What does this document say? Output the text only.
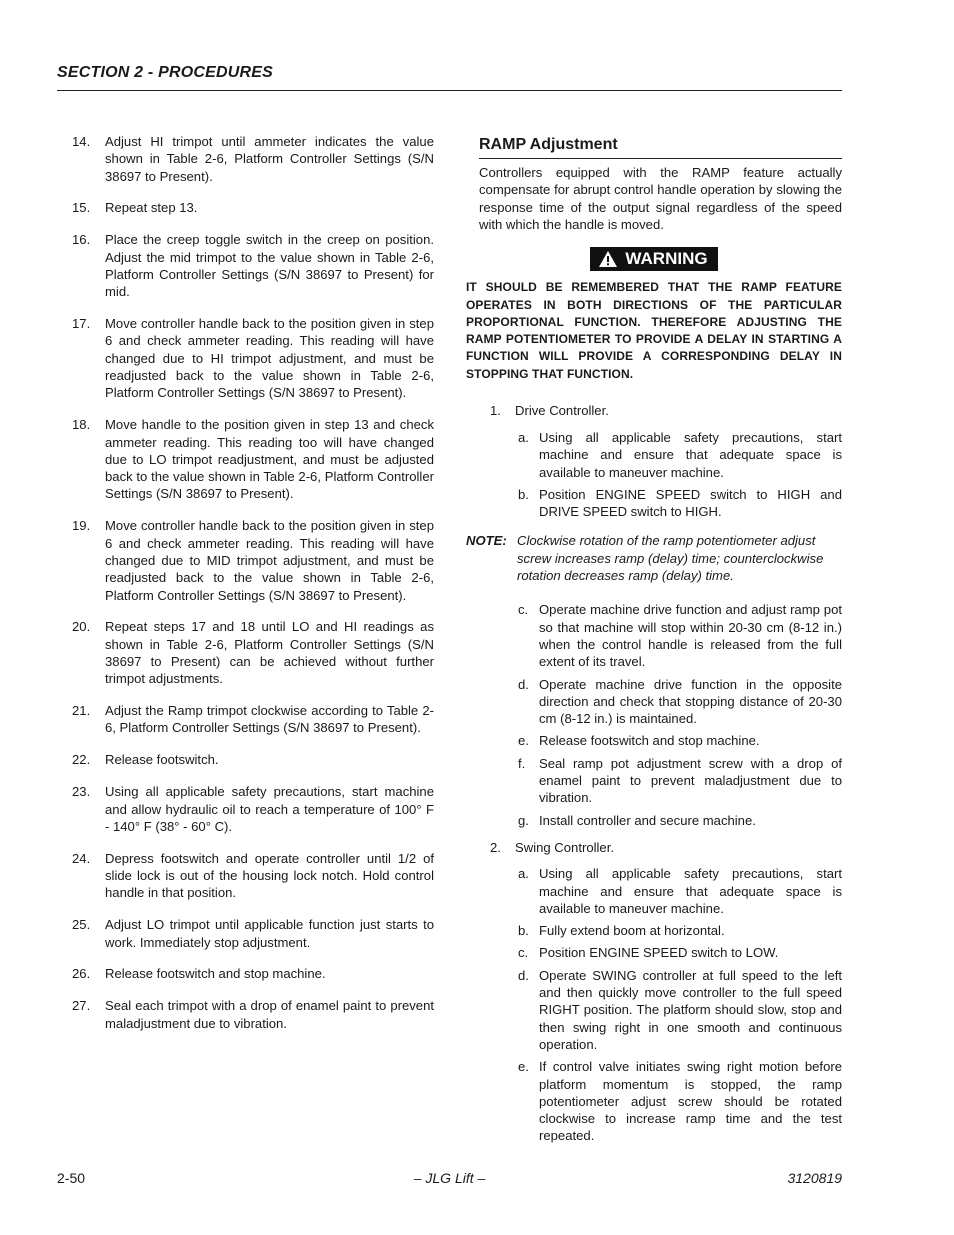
SECTION 2 - PROCEDURES
14.	Adjust HI trimpot until ammeter indicates the value shown in Table 2-6, Platform Controller Settings (S/N 38697 to Present).
15.	Repeat step 13.
16.	Place the creep toggle switch in the creep on position. Adjust the mid trimpot to the value shown in Table 2-6, Platform Controller Settings (S/N 38697 to Present) for mid.
17.	Move controller handle back to the position given in step 6 and check ammeter reading. This reading will have changed due to HI trimpot adjustment, and must be readjusted back to the value shown in Table 2-6, Platform Controller Settings (S/N 38697 to Present).
18.	Move handle to the position given in step 13 and check ammeter reading. This reading too will have changed due to LO trimpot readjustment, and must be adjusted back to the value shown in Table 2-6, Platform Controller Settings (S/N 38697 to Present).
19.	Move controller handle back to the position given in step 6 and check ammeter reading. This reading will have changed due to MID trimpot adjustment, and must be readjusted back to the value shown in Table 2-6, Platform Controller Settings (S/N 38697 to Present).
20.	Repeat steps 17 and 18 until LO and HI readings as shown in Table 2-6, Platform Controller Settings (S/N 38697 to Present) can be achieved without further trimpot adjustments.
21.	Adjust the Ramp trimpot clockwise according to Table 2-6, Platform Controller Settings (S/N 38697 to Present).
22.	Release footswitch.
23.	Using all applicable safety precautions, start machine and allow hydraulic oil to reach a temperature of 100° F - 140° F (38° - 60° C).
24.	Depress footswitch and operate controller until 1/2 of slide lock is out of the housing lock notch. Hold control handle in that position.
25.	Adjust LO trimpot until applicable function just starts to work. Immediately stop adjustment.
26.	Release footswitch and stop machine.
27.	Seal each trimpot with a drop of enamel paint to prevent maladjustment due to vibration.
RAMP Adjustment
Controllers equipped with the RAMP feature actually compensate for abrupt control handle operation by slowing the response time of the output signal regardless of the speed with which the handle is moved.
WARNING
IT SHOULD BE REMEMBERED THAT THE RAMP FEATURE OPERATES IN BOTH DIRECTIONS OF THE PARTICULAR PROPORTIONAL FUNCTION. THEREFORE ADJUSTING THE RAMP POTENTIOMETER TO PROVIDE A DELAY IN STARTING A FUNCTION WILL PROVIDE A CORRESPONDING DELAY IN STOPPING THAT FUNCTION.
1.	Drive Controller.
a. Using all applicable safety precautions, start machine and ensure that adequate space is available to maneuver machine.
b. Position ENGINE SPEED switch to HIGH and DRIVE SPEED switch to HIGH.
NOTE: Clockwise rotation of the ramp potentiometer adjust screw increases ramp (delay) time; counterclockwise rotation decreases ramp (delay) time.
c. Operate machine drive function and adjust ramp pot so that machine will stop within 20-30 cm (8-12 in.) when the control handle is released from the full extent of its travel.
d. Operate machine drive function in the opposite direction and check that stopping distance of 20-30 cm (8-12 in.) is maintained.
e. Release footswitch and stop machine.
f.	Seal ramp pot adjustment screw with a drop of enamel paint to prevent maladjustment due to vibration.
g. Install controller and secure machine.
2.	Swing Controller.
a. Using all applicable safety precautions, start machine and ensure that adequate space is available to maneuver machine.
b. Fully extend boom at horizontal.
c. Position ENGINE SPEED switch to LOW.
d. Operate SWING controller at full speed to the left and then quickly move controller to the full speed RIGHT position. The platform should slow, stop and then swing right in one smooth and continuous operation.
e. If control valve initiates swing right motion before platform momentum is stopped, the ramp potentiometer adjust screw should be rotated clockwise to increase ramp time and the test repeated.
2-50	– JLG Lift –	3120819
